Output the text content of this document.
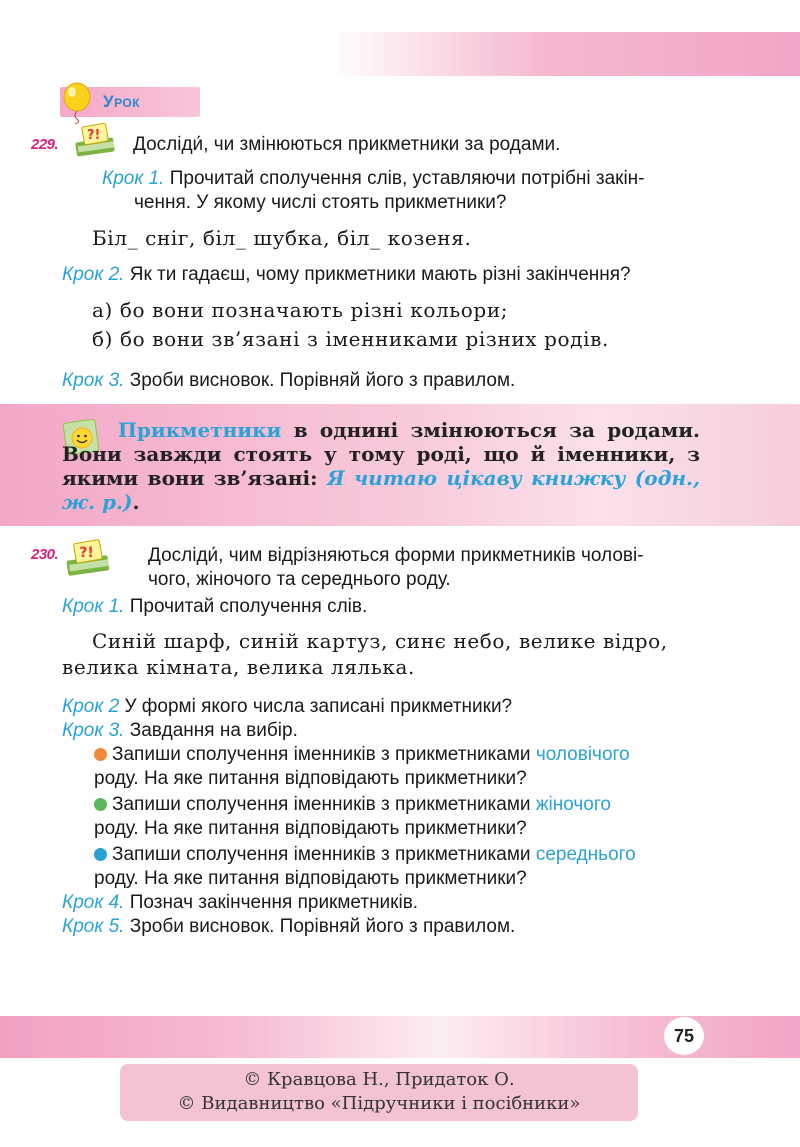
Урок
229.
?! Досліди́, чи змінюються прикметники за родами.
Крок 1. Прочитай сполучення слів, уставляючи потрібні закін-
чення. У якому числі стоять прикметники?
Біл_ сніг, біл_ шубка, біл_ козеня.
Крок 2. Як ти гадаєш, чому прикметники мають різні закінчення?
а) бо вони позначають різні кольори;
б) бо вони зв’язані з іменниками різних родів.
Крок 3. Зроби висновок. Порівняй його з правилом.
Прикметники в однині змінюються за родами. Вони завжди стоять у тому роді, що й іменники, з якими вони зв’язані: Я читаю цікаву книжку (одн., ж. р.).
230. ?!	Досліди́, чим відрізняються форми прикметників чолові-
чого, жіночого та середнього роду.
Крок 1. Прочитай сполучення слів.
Синій шарф, синій картуз, синє небо, велике відро,
велика кімната, велика лялька.
Крок 2 У формі якого числа записані прикметники?
Крок 3. Завдання на вибір.
Запиши сполучення іменників з прикметниками чоловічого
роду. На яке питання відповідають прикметники?
Запиши сполучення іменників з прикметниками жіночого
роду. На яке питання відповідають прикметники?
Запиши сполучення іменників з прикметниками середнього
роду. На яке питання відповідають прикметники?
Крок 4. Познач закінчення прикметників.
Крок 5. Зроби висновок. Порівняй його з правилом.
75
© Кравцова Н., Придаток О.
© Видавництво «Підручники і посібники»
